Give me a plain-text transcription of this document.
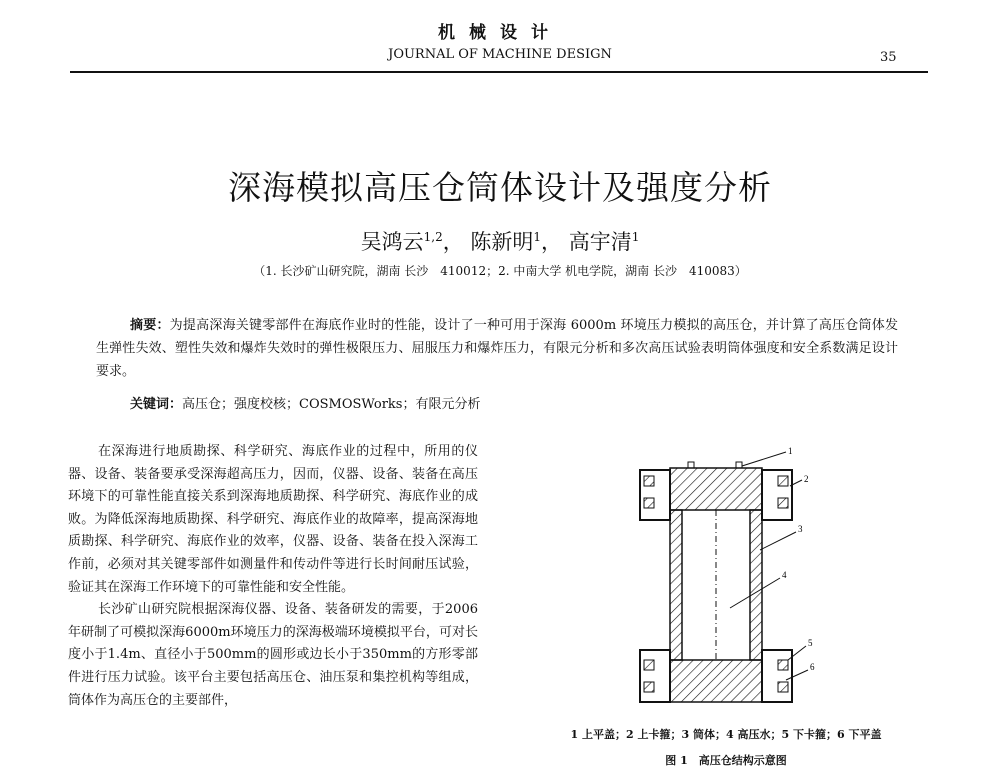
机械设计
JOURNAL OF MACHINE DESIGN	35
深海模拟高压仓筒体设计及强度分析
吴鸿云$^{1,2}$， 陈新明$^1$， 高宇清$^1$
（1. 长沙矿山研究院，湖南 长沙　410012；2. 中南大学 机电学院，湖南 长沙　410083）
摘要：为提高深海关键零部件在海底作业时的性能，设计了一种可用于深海 6000m 环境压力模拟的高压仓，并计算了高压仓筒体发生弹性失效、塑性失效和爆炸失效时的弹性极限压力、屈服压力和爆炸压力，有限元分析和多次高压试验表明筒体强度和安全系数满足设计要求。
关键词：高压仓；强度校核；COSMOSWorks；有限元分析

在深海进行地质勘探、科学研究、海底作业的过程中，所用的仪器、设备、装备要承受深海超高压力，因而，仪器、设备、装备在高压环境下的可靠性能直接关系到深海地质勘探、科学研究、海底作业的成败。为降低深海地质勘探、科学研究、海底作业的故障率，提高深海地质勘探、科学研究、海底作业的效率，仪器、设备、装备在投入深海工作前，必须对其关键零部件如测量件和传动件等进行长时间耐压试验，验证其在深海工作环境下的可靠性能和安全性能。

长沙矿山研究院根据深海仪器、设备、装备研发的需要，于2006年研制了可模拟深海6000m环境压力的深海极端环境模拟平台，可对长度小于1.4m、直径小于500mm的圆形或边长小于350mm的方形零部件进行压力试验。该平台主要包括高压仓、油压泵和集控机构等组成，筒体作为高压仓的主要部件，

1
2
3
4
5
6
1 上平盖；2 上卡箍；3 筒体；4 高压水；5 下卡箍；6 下平盖
图 1　高压仓结构示意图
